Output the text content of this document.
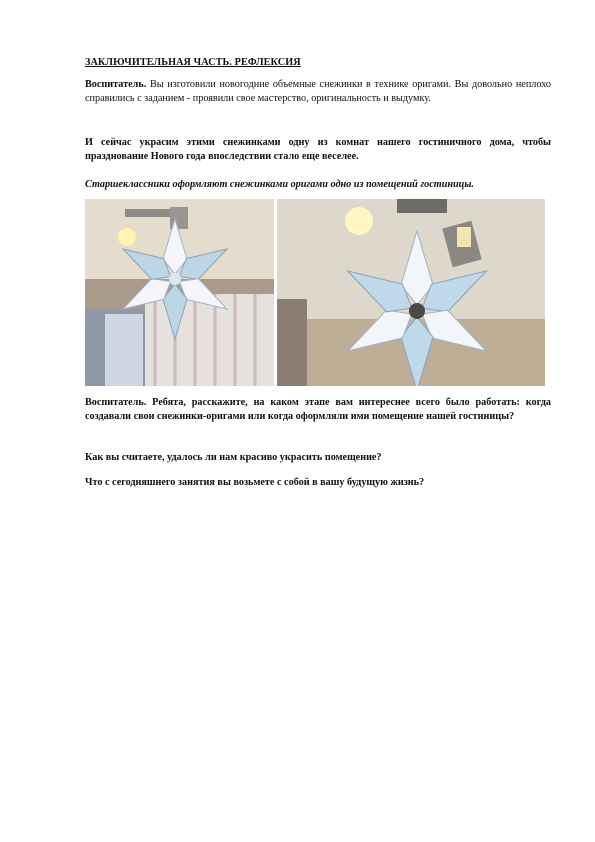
ЗАКЛЮЧИТЕЛЬНАЯ ЧАСТЬ. РЕФЛЕКСИЯ
Воспитатель. Вы изготовили новогодние объемные снежинки в технике оригами. Вы довольно неплохо справились с заданием - проявили свое мастерство, оригинальность и выдумку.
И сейчас украсим этими снежинками одну из комнат нашего гостиничного дома, чтобы празднование Нового года впоследствии стало еще веселее.
Старшеклассники оформляют снежинками оригами одно из помещений гостиницы.
Воспитатель. Ребята, расскажите, на каком этапе вам интереснее всего было работать: когда создавали свои снежинки-оригами или когда оформляли ими помещение нашей гостиницы?
Как вы считаете, удалось ли нам красиво украсить помещение?
Что с сегодняшнего занятия вы возьмете с собой в вашу будущую жизнь?
